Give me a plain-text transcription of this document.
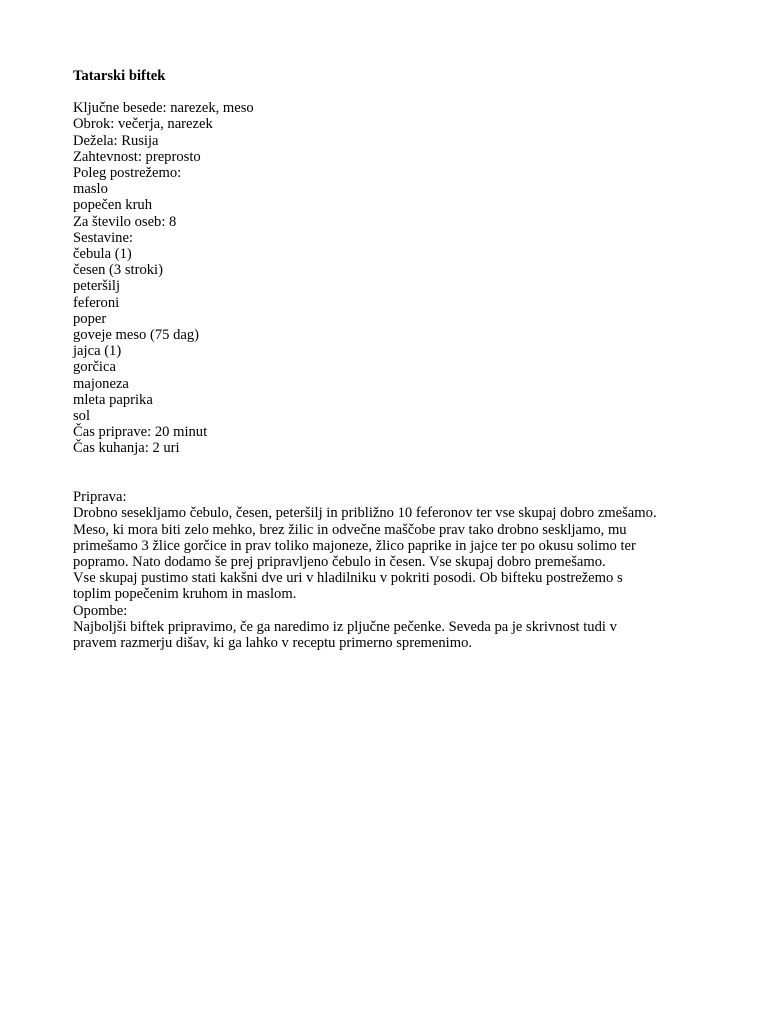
Tatarski biftek
Ključne besede: narezek, meso
Obrok: večerja, narezek
Dežela: Rusija
Zahtevnost: preprosto
Poleg postrežemo:
maslo
popečen kruh
Za število oseb: 8
Sestavine:
čebula (1)
česen (3 stroki)
peteršilj
feferoni
poper
goveje meso (75 dag)
jajca (1)
gorčica
majoneza
mleta paprika
sol
Čas priprave: 20 minut
Čas kuhanja: 2 uri
Priprava:
Drobno sesekljamo čebulo, česen, peteršilj in približno 10 feferonov ter vse skupaj dobro zmešamo.
Meso, ki mora biti zelo mehko, brez žilic in odvečne maščobe prav tako drobno seskljamo, mu
primešamo 3 žlice gorčice in prav toliko majoneze, žlico paprike in jajce ter po okusu solimo ter
popramo. Nato dodamo še prej pripravljeno čebulo in česen. Vse skupaj dobro premešamo.
Vse skupaj pustimo stati kakšni dve uri v hladilniku v pokriti posodi. Ob bifteku postrežemo s
toplim popečenim kruhom in maslom.
Opombe:
Najboljši biftek pripravimo, če ga naredimo iz pljučne pečenke. Seveda pa je skrivnost tudi v
pravem razmerju dišav, ki ga lahko v receptu primerno spremenimo.
